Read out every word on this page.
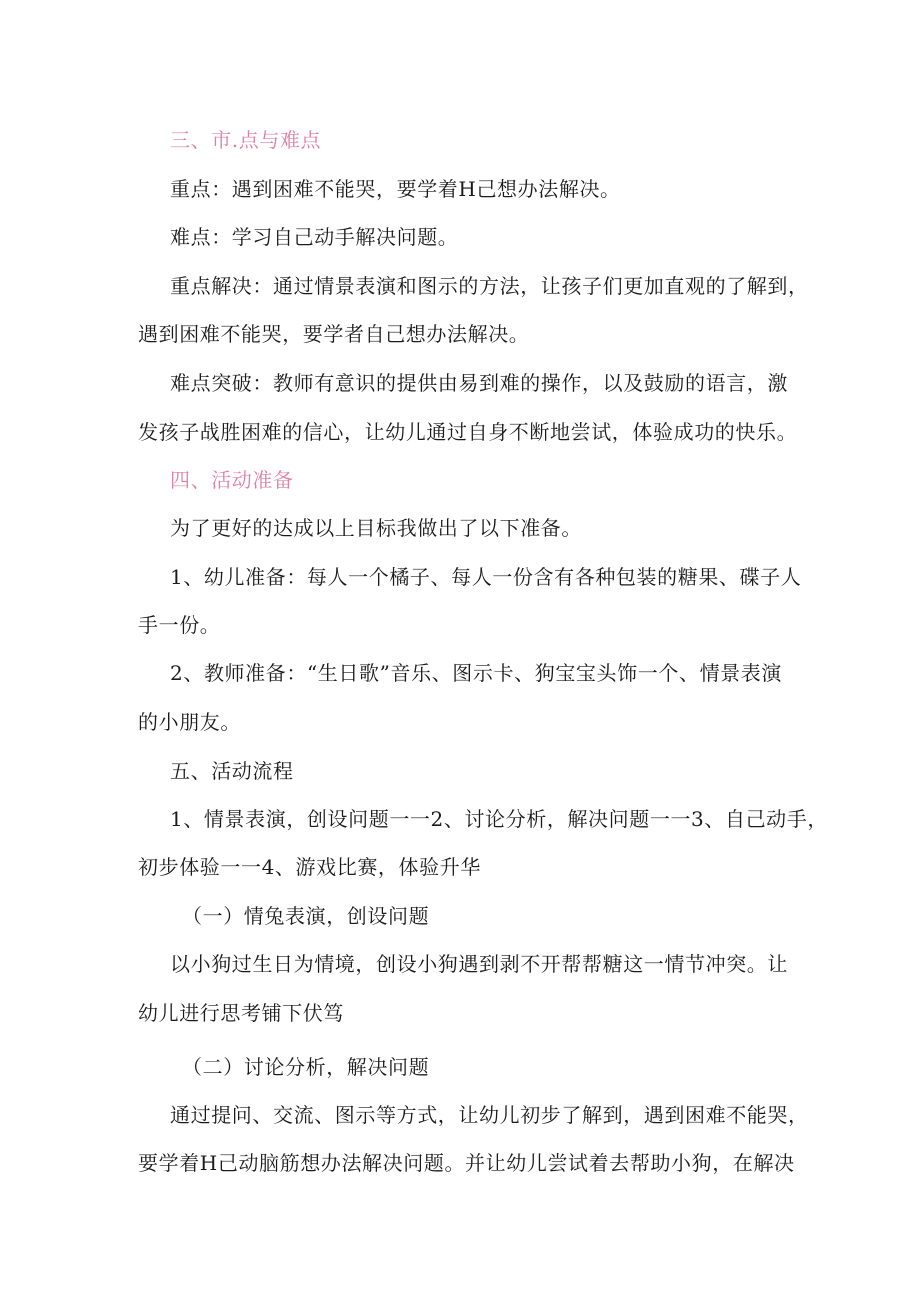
三、市.点与难点
重点：遇到困难不能哭，要学着H己想办法解决。
难点：学习自己动手解决问题。
重点解决：通过情景表演和图示的方法，让孩子们更加直观的了解到，
遇到困难不能哭，要学者自己想办法解决。
难点突破：教师有意识的提供由易到难的操作，以及鼓励的语言，激
发孩子战胜困难的信心，让幼儿通过自身不断地尝试，体验成功的快乐。
四、活动准备
为了更好的达成以上目标我做出了以下准备。
1、幼儿准备：每人一个橘子、每人一份含有各种包装的糖果、碟子人
手一份。
2、教师准备：“生日歌”音乐、图示卡、狗宝宝头饰一个、情景表演
的小朋友。
五、活动流程
1、情景表演，创设问题一一2、讨论分析，解决问题一一3、自己动手，
初步体验一一4、游戏比赛，体验升华
（一）情兔表演，创设问题
以小狗过生日为情境，创设小狗遇到剥不开帮帮糖这一情节冲突。让
幼儿进行思考铺下伏笃
（二）讨论分析，解决问题
通过提问、交流、图示等方式，让幼儿初步了解到，遇到困难不能哭，
要学着H己动脑筋想办法解决问题。并让幼儿尝试着去帮助小狗，在解决
